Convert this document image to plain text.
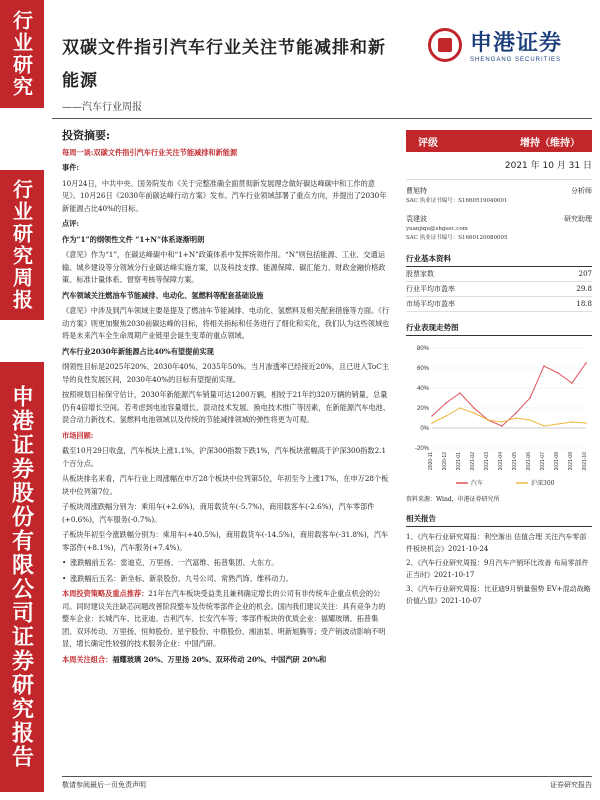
行业研究
行业研究周报
申港证券股份有限公司证券研究报告
双碳文件指引汽车行业关注节能减排和新能源
——汽车行业周报
申港证券
SHENGANG SECURITIES
投资摘要:
每周一谈:双碳文件指引汽车行业关注节能减排和新能源
事件:
10月24日，中共中央、国务院发布《关于完整准确全面贯彻新发展理念做好碳达峰碳中和工作的意见》。10月26日《2030年前碳达峰行动方案》发布。汽车行业领域部署了重点方向，并提出了2030年新能源占比40%的目标。
点评:
作为“1”的纲领性文件 “1+N”体系逐渐明朗
《意见》作为“1”，在碳达峰碳中和“1+N”政策体系中发挥统领作用。“N”则包括能源、工业、交通运输、城乡建设等分领域分行业碳达峰实施方案，以及科技支撑、能源保障、碳汇能力、财政金融价格政策、标准计量体系、督察考核等保障方案。
汽车领域关注燃油车节能减排、电动化、氢燃料等配套基础设施
《意见》中涉及到汽车领域主要是提及了燃油车节能减排、电动化、氢燃料及相关配套措施等方面。《行动方案》则更加聚焦2030前碳达峰的目标，将相关指标和任务进行了细化和实化，我们认为这些领域也将是未来汽车全生命周期产业链里会诞生变革的重点领域。
汽车行业2030年新能源占比40%有望提前实现
纲领性目标是2025年20%、2030年40%、2035年50%。当月渗透率已经接近20%，且已进入ToC主导的良性发展区间，2030年40%的目标有望提前实现。
按照规划目标保守估计，2030年新能源汽车销量可达1200万辆，相较于21年约320万辆的销量，总量仍有4倍增长空间。若考虑到电池容量增长、混动技术发展、换电技术推广等因素，在新能源汽车电池、混合动力新技术、氢燃料电池领域以及传统的节能减排领域的弹性将更为可观。
市场回顾:
截至10月29日收盘，汽车板块上涨1.1%，沪深300指数下跌1%，汽车板块涨幅高于沪深300指数2.1个百分点。
从板块排名来看，汽车行业上周涨幅在申万28个板块中位列第5位，年初至今上涨17%，在申万28个板块中位列第7位。
子板块周涨跌幅分别为：乘用车(+2.6%)，商用载货车(-5.7%)，商用载客车(-2.6%)，汽车零部件(+0.6%)，汽车服务(-0.7%)。
子板块年初至今涨跌幅分别为：乘用车(+40.5%)，商用载货车(-14.5%)，商用载客车(-31.8%)，汽车零部件(+8.1%)，汽车服务(+7.4%)。
• 涨跌幅前五名：雷迪克、万里扬、一汽富维、拓普集团、大东方。
• 涨跌幅后五名：新坐标、新泉股份、九号公司、常熟汽饰、维科动力。
本周投资策略及重点推荐：21年在汽车板块受益类且兼利确定增长的公司有非传统车企重点机会的公司。同时建议关注缺芯问题改善阶段整车及传统零部件企业的机会。国内我们建议关注：具有竞争力的整车企业：长城汽车、比亚迪、吉利汽车、长安汽车等；零部件板块的优质企业：福耀玻璃、拓普集团、双环传动、万里扬、恒帅股份、星宇股份、中鼎股份、湘油泵、明新旭腾等；受产销波动影响不明显，增长确定性较强的技术服务企业：中国汽研。
本周关注组合：福耀玻璃 20%、万里扬 20%、双环传动 20%、中国汽研 20%和
评级	增持（维持）
2021 年 10 月 31 日
曹旭特	分析师
SAC 执业证书编号：S1660519040001
袁建波	研究助理
yuanjiqu@shgsec.com
SAC 执业证书编号：S1660120080005
行业基本资料
股票家数	207
行业平均市盈率	29.8
市场平均市盈率	18.8
行业表现走势图
80%
60%
40%
20%
0%
-20%
2020-11 2020-12 2021-01 2021-02 2021-03 2021-04 2021-05 2021-06 2021-07 2021-08 2021-09 2021-10
汽车	沪深300
资料来源：Wind，申港证券研究所
相关报告
1、《汽车行业研究周报：利空渐出 估值合理 关注汽车零部件板块机会》2021-10-24
2、《汽车行业研究周报：9月汽车产销环比改善 布局零部件正当时》2021-10-17
3、《汽车行业研究周报：比亚迪9月销量强势 EV+混动战略价值凸显》2021-10-07
敬请参阅最后一页免责声明	证券研究报告
